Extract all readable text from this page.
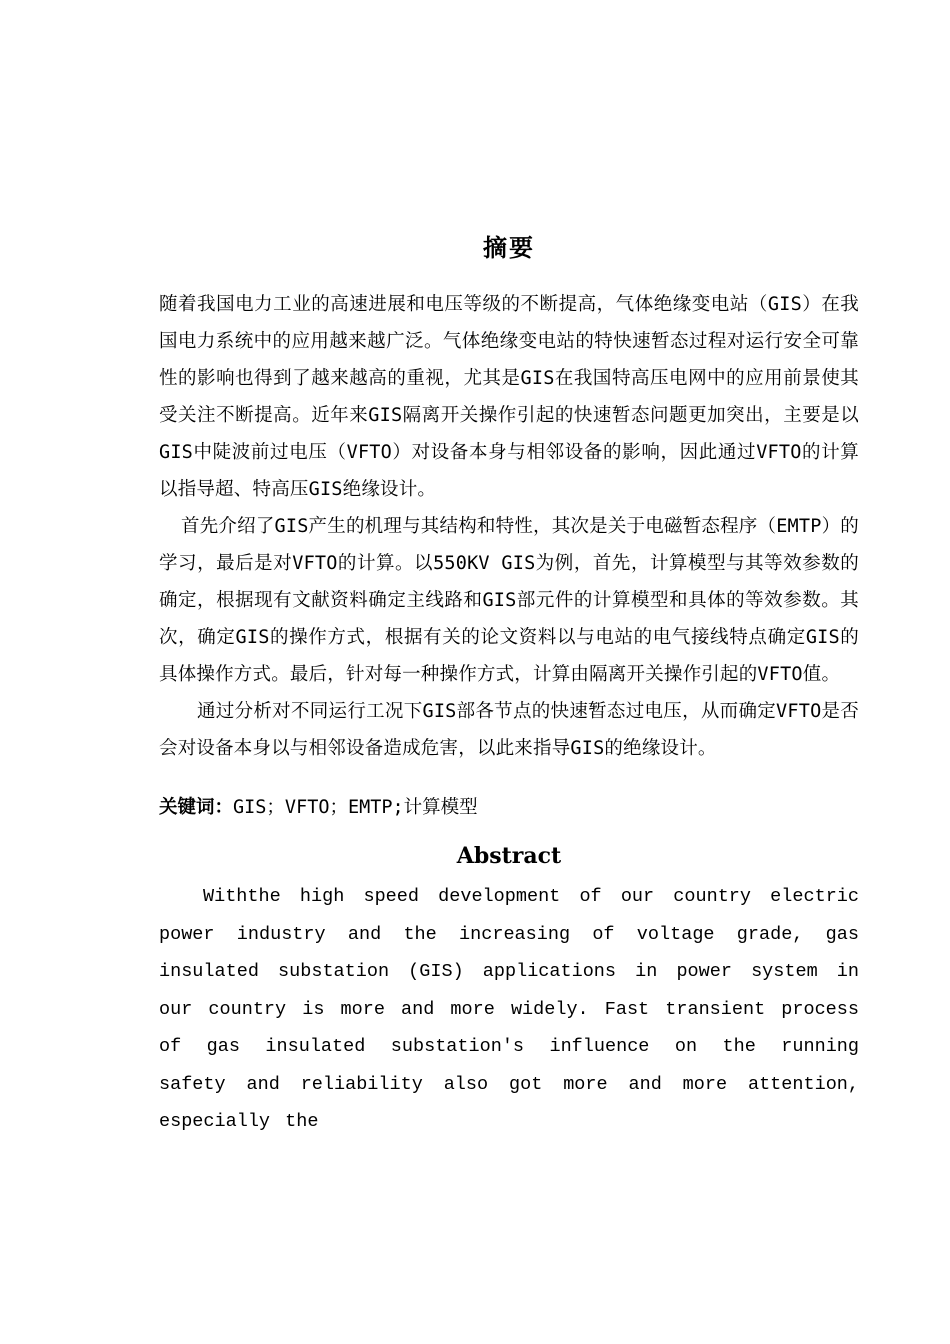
摘要

随着我国电力工业的高速进展和电压等级的不断提高，气体绝缘变电站（GIS）在我国电力系统中的应用越来越广泛。气体绝缘变电站的特快速暂态过程对运行安全可靠性的影响也得到了越来越高的重视，尤其是GIS在我国特高压电网中的应用前景使其受关注不断提高。近年来GIS隔离开关操作引起的快速暂态问题更加突出，主要是以GIS中陡波前过电压（VFTO）对设备本身与相邻设备的影响，因此通过VFTO的计算以指导超、特高压GIS绝缘设计。

首先介绍了GIS产生的机理与其结构和特性，其次是关于电磁暂态程序（EMTP）的学习，最后是对VFTO的计算。以550KV GIS为例，首先，计算模型与其等效参数的确定，根据现有文献资料确定主线路和GIS部元件的计算模型和具体的等效参数。其次，确定GIS的操作方式，根据有关的论文资料以与电站的电气接线特点确定GIS的具体操作方式。最后，针对每一种操作方式，计算由隔离开关操作引起的VFTO值。

通过分析对不同运行工况下GIS部各节点的快速暂态过电压，从而确定VFTO是否会对设备本身以与相邻设备造成危害，以此来指导GIS的绝缘设计。

关键词：GIS；VFTO；EMTP;计算模型

Abstract

Withthe high speed development of our country electric power industry and the increasing of voltage grade, gas insulated substation (GIS) applications in power system in our country is more and more widely. Fast transient process of gas insulated substation's influence on the running safety and reliability also got more and more attention, especially the
